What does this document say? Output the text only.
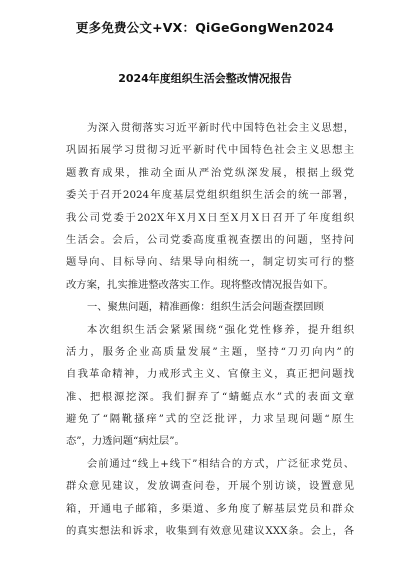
更多免费公文+VX：QiGeGongWen2024
2024年度组织生活会整改情况报告
为深入贯彻落实习近平新时代中国特色社会主义思想，
巩固拓展学习贯彻习近平新时代中国特色社会主义思想主
题教育成果，推动全面从严治党纵深发展，根据上级党
委关于召开2024年度基层党组织组织生活会的统一部署，
我公司党委于202X年X月X日至X月X日召开了年度组织
生活会。会后，公司党委高度重视查摆出的问题，坚持问
题导向、目标导向、结果导向相统一，制定切实可行的整
改方案，扎实推进整改落实工作。现将整改情况报告如下。
一、聚焦问题，精准画像：组织生活会问题查摆回顾
本次组织生活会紧紧围绕“强化党性修养，提升组织
活力，服务企业高质量发展”主题，坚持“刀刃向内”的
自我革命精神，力戒形式主义、官僚主义，真正把问题找
准、把根源挖深。我们摒弃了“蜻蜓点水”式的表面文章
避免了“隔靴搔痒”式的空泛批评，力求呈现问题“原生
态”，力透问题“病灶层”。
会前通过“线上+线下”相结合的方式，广泛征求党员、
群众意见建议，发放调查问卷，开展个别访谈，设置意见
箱，开通电子邮箱，多渠道、多角度了解基层党员和群众
的真实想法和诉求，收集到有效意见建议XXX条。会上，各
